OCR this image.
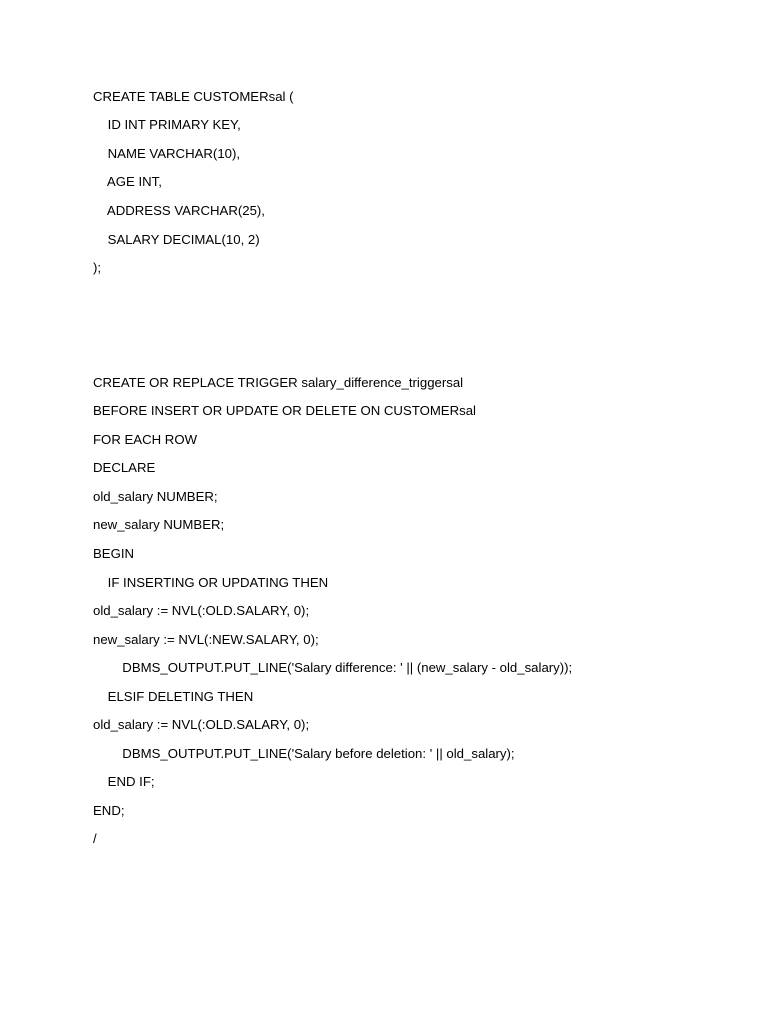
CREATE TABLE CUSTOMERsal (

ID INT PRIMARY KEY,

NAME VARCHAR(10),

AGE INT,

ADDRESS VARCHAR(25),

SALARY DECIMAL(10, 2)

);

CREATE OR REPLACE TRIGGER salary_difference_triggersal

BEFORE INSERT OR UPDATE OR DELETE ON CUSTOMERsal

FOR EACH ROW

DECLARE

old_salary NUMBER;

new_salary NUMBER;

BEGIN

IF INSERTING OR UPDATING THEN

old_salary := NVL(:OLD.SALARY, 0);

new_salary := NVL(:NEW.SALARY, 0);

DBMS_OUTPUT.PUT_LINE('Salary difference: ' || (new_salary - old_salary));

ELSIF DELETING THEN

old_salary := NVL(:OLD.SALARY, 0);

DBMS_OUTPUT.PUT_LINE('Salary before deletion: ' || old_salary);

END IF;

END;

/
